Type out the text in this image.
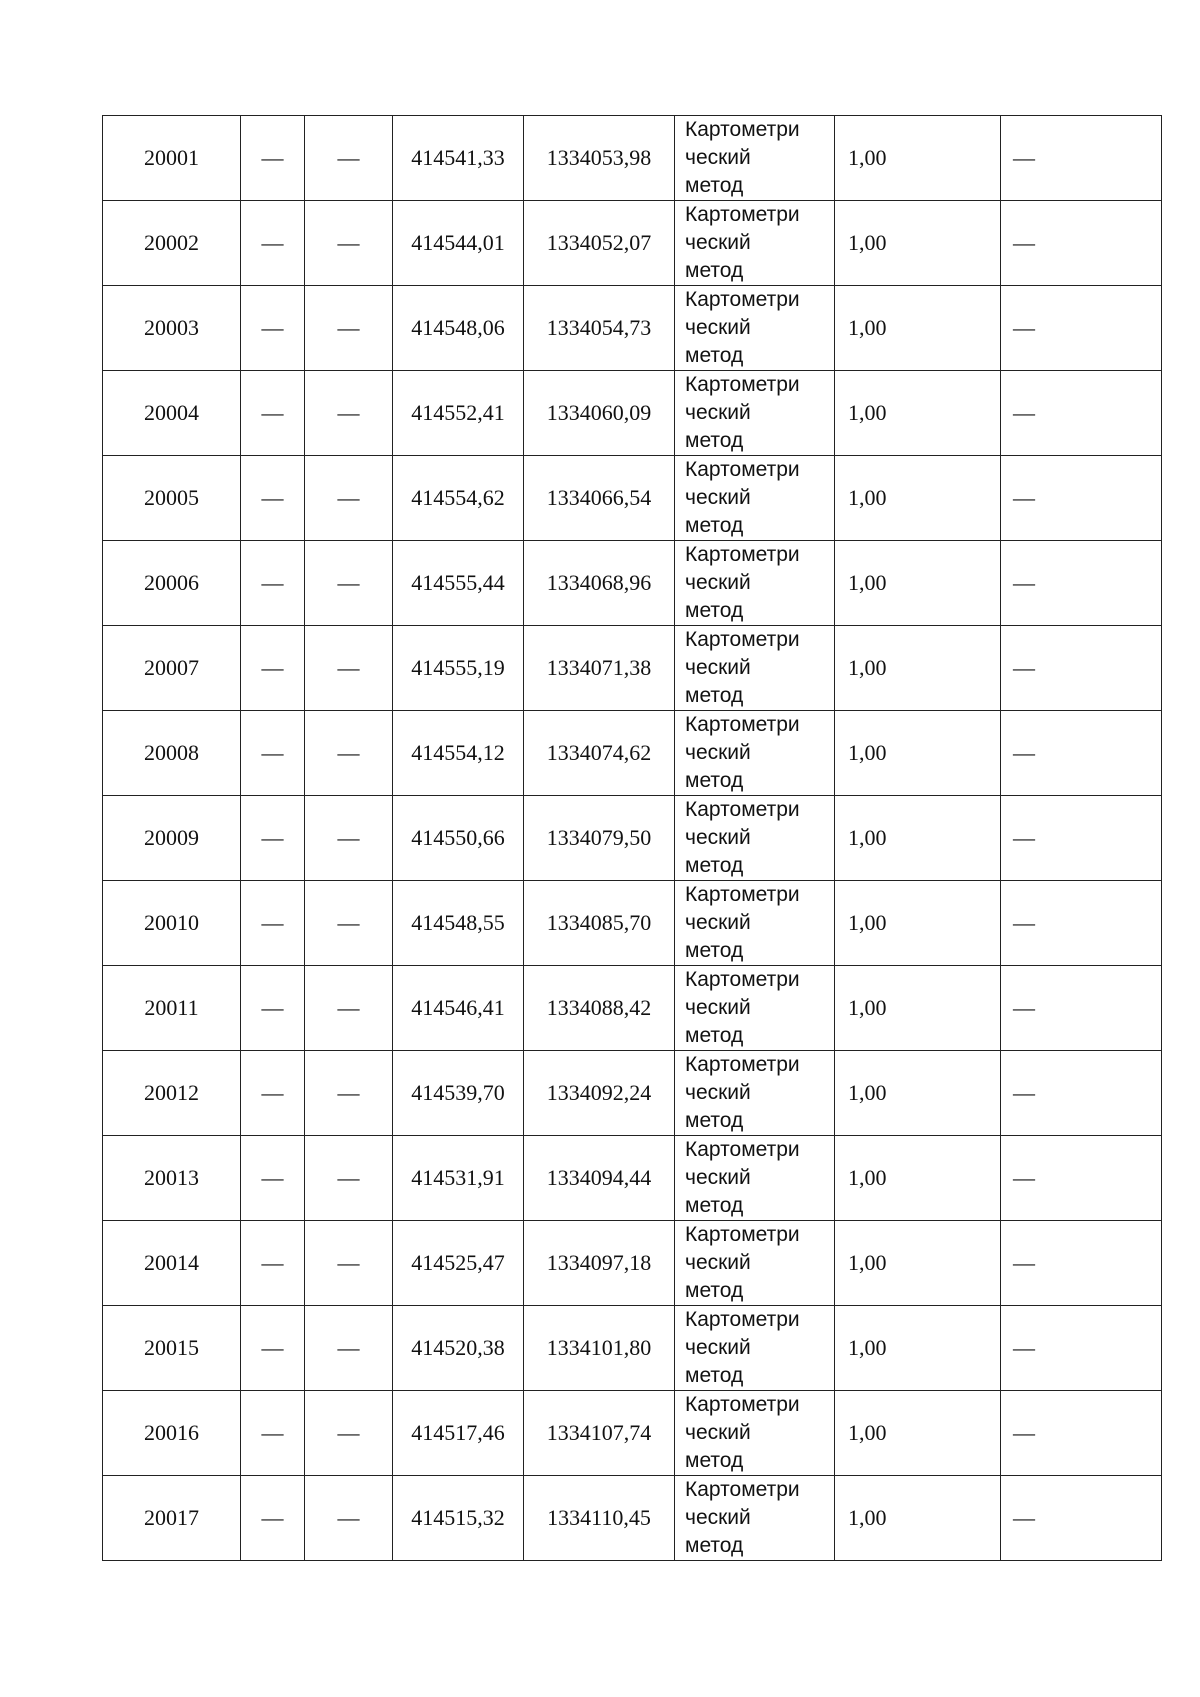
20001	—	—	414541,33	1334053,98	Картометри
ческий
метод	1,00	—
20002	—	—	414544,01	1334052,07	Картометри
ческий
метод	1,00	—
20003	—	—	414548,06	1334054,73	Картометри
ческий
метод	1,00	—
20004	—	—	414552,41	1334060,09	Картометри
ческий
метод	1,00	—
20005	—	—	414554,62	1334066,54	Картометри
ческий
метод	1,00	—
20006	—	—	414555,44	1334068,96	Картометри
ческий
метод	1,00	—
20007	—	—	414555,19	1334071,38	Картометри
ческий
метод	1,00	—
20008	—	—	414554,12	1334074,62	Картометри
ческий
метод	1,00	—
20009	—	—	414550,66	1334079,50	Картометри
ческий
метод	1,00	—
20010	—	—	414548,55	1334085,70	Картометри
ческий
метод	1,00	—
20011	—	—	414546,41	1334088,42	Картометри
ческий
метод	1,00	—
20012	—	—	414539,70	1334092,24	Картометри
ческий
метод	1,00	—
20013	—	—	414531,91	1334094,44	Картометри
ческий
метод	1,00	—
20014	—	—	414525,47	1334097,18	Картометри
ческий
метод	1,00	—
20015	—	—	414520,38	1334101,80	Картометри
ческий
метод	1,00	—
20016	—	—	414517,46	1334107,74	Картометри
ческий
метод	1,00	—
20017	—	—	414515,32	1334110,45	Картометри
ческий
метод	1,00	—
